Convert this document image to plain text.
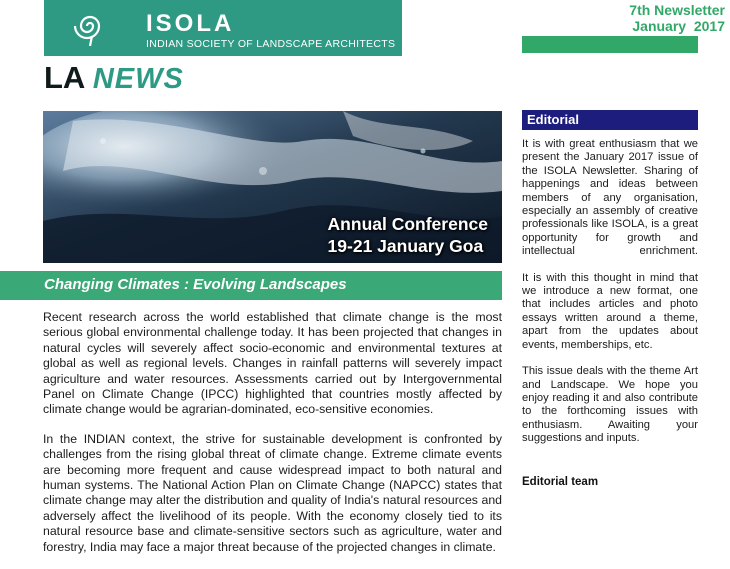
ISOLA
INDIAN SOCIETY OF LANDSCAPE ARCHITECTS
7th Newsletter
January  2017
LA NEWS
Annual Conference
19-21 January Goa
Changing Climates : Evolving Landscapes

Recent research across the world established that climate change is the most serious global environmental challenge today. It has been projected that changes in natural cycles will severely affect socio-economic and environmental textures at global as well as regional levels. Changes in rainfall patterns will severely impact agriculture and water resources. Assessments carried out by Intergovernmental Panel on Climate Change (IPCC) highlighted that countries mostly affected by climate change would be agrarian-dominated, eco-sensitive economies.

In the INDIAN context, the strive for sustainable development is confronted by challenges from the rising global threat of climate change. Extreme climate events are becoming more frequent and cause widespread impact to both natural and human systems. The National Action Plan on Climate Change (NAPCC) states that climate change may alter the distribution and quality of India's natural resources and adversely affect the livelihood of its people. With the economy closely tied to its natural resource base and climate-sensitive sectors such as agriculture, water and forestry, India may face a major threat because of the projected changes in climate.

Editorial

It is with great enthusiasm that we present the January 2017 issue of the ISOLA Newsletter. Sharing of happenings and ideas between members of any organisation, especially an assembly of creative professionals like ISOLA, is a great opportunity for growth and intellectual enrichment.

It is with this thought in mind that we introduce a new format, one that includes articles and photo essays written around a theme, apart from the updates about events, memberships, etc.

This issue deals with the theme Art and Landscape. We hope you enjoy reading it and also contribute to the forthcoming issues with enthusiasm. Awaiting your suggestions and inputs.

Editorial team
